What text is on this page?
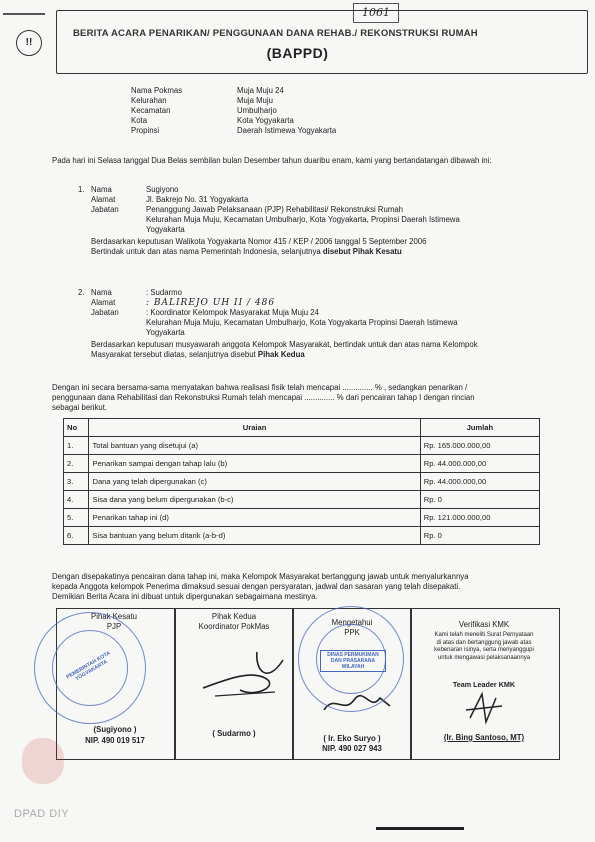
1061
!!
BERITA ACARA PENARIKAN/ PENGGUNAAN DANA REHAB./ REKONSTRUKSI RUMAH
(BAPPD)
Nama Pokmas	Muja Muju 24
Kelurahan	Muja Muju
Kecamatan	Umbulharjo
Kota	Kota Yogyakarta
Propinsi	Daerah Istimewa Yogyakarta
Pada hari ini Selasa tanggal Dua Belas sembilan bulan Desember tahun duaribu enam, kami yang bertandatangan dibawah ini:
1. Nama	Sugiyono
Alamat	Jl. Bakrejo No. 31 Yogyakarta
Jabatan	Penanggung Jawab Pelaksanaan (PJP) Rehabilitasi/ Rekonstruksi Rumah
Kelurahan Muja Muju, Kecamatan Umbulharjo, Kota Yogyakarta, Propinsi Daerah Istimewa
Yogyakarta
Berdasarkan keputusan Walikota Yogyakarta Nomor 415 / KEP / 2006 tanggal 5 September 2006
Bertindak untuk dan atas nama Pemerintah Indonesia, selanjutnya disebut Pihak Kesatu
2. Nama	: Sudarmo
Alamat	: BALIREJO UH II / 486
Jabatan	: Koordinator Kelompok Masyarakat Muja Muju 24
Kelurahan Muja Muju, Kecamatan Umbulharjo, Kota Yogyakarta Propinsi Daerah Istimewa
Yogyakarta
Berdasarkan keputusan musyawarah anggota Kelompok Masyarakat, bertindak untuk dan atas nama Kelompok
Masyarakat tersebut diatas, selanjutnya disebut Pihak Kedua
Dengan ini secara bersama-sama menyatakan bahwa realisasi fisik telah mencapai .............. % , sedangkan penarikan /
penggunaan dana Rehabilitasi dan Rekonstruksi Rumah telah mencapai .............. % dari pencairan tahap I dengan rincian
sebagai berikut.
No	Uraian	Jumlah
1.	Total bantuan yang disetujui (a)	Rp. 165.000.000,00
2.	Penarikan sampai dengan tahap lalu (b)	Rp. 44.000.000,00
3.	Dana yang telah dipergunakan (c)	Rp. 44.000.000,00
4.	Sisa dana yang belum dipergunakan (b-c)	Rp. 0
5.	Penarikan tahap ini (d)	Rp. 121.000.000,00
6.	Sisa bantuan yang belum ditarik (a-b-d)	Rp. 0
Dengan disepakatinya pencairan dana tahap ini, maka Kelompok Masyarakat bertanggung jawab untuk menyalurkannya
kepada Anggota kelompok Penerima dimaksud sesuai dengan persyaratan, jadwal dan sasaran yang telah disepakati.
Demikian Berita Acara ini dibuat untuk dipergunakan sebagaimana mestinya.
Pihak Kesatu
PJP
(Sugiyono )
NIP. 490 019 517
Pihak Kedua
Koordinator PokMas
( Sudarmo )
Mengetahui
PPK
( Ir. Eko Suryo )
NIP. 490 027 943
Verifikasi KMK
Kami telah meneliti Surat Pernyataan
di atas dan bertanggung jawab atas
kebenaran isinya, serta menyanggupi
untuk mengawasi pelaksanaannya
Team Leader KMK
(Ir. Bing Santoso, MT)
PEMERINTAH KOTA YOGYAKARTA
DINAS PERMUKIMAN DAN PRASARANA WILAYAH
DPAD DIY
